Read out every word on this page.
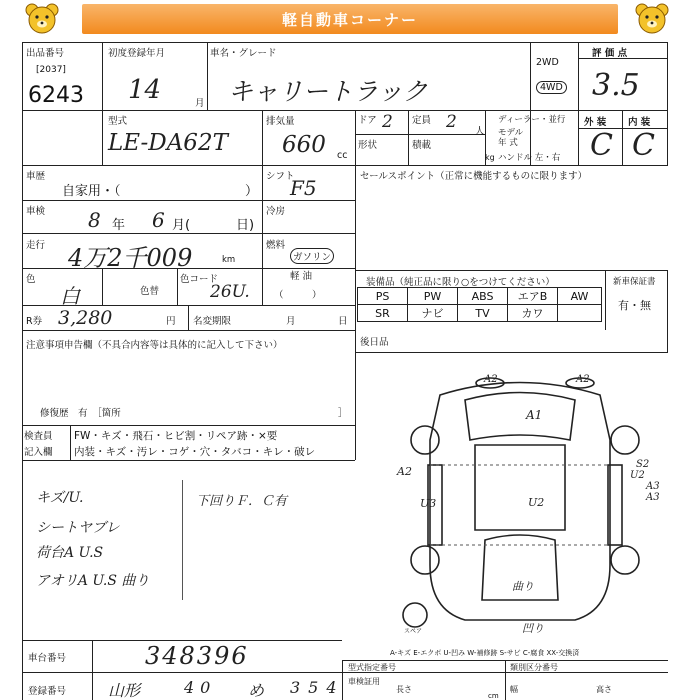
軽自動車コーナー
出品番号
[2037]
6243
初度登録年月
14	月
車名・グレード
キャリートラック
2WD
4WD
評 価 点
3.5
外 装 内 装
C C
型式
LE-DA62T
排気量
660 cc
ドア 2 定員 2 人
形状	積載
kg
ディーラー・並行
モデル
年 式
ハンドル 左・右
車歴
自家用・（	）
シフト
F5
車検 8 年 6 月(	日)
冷房
走行 4万2千009	km
燃料
ガソリン
軽 油
（　　　）
色
白	色替
色コード
26U.
R券 3,280	円 名変期限	月	日
注意事項申告欄（不具合内容等は具体的に記入して下さい）
修復歴　有　［箇所	］
セールスポイント（正常に機能するものに限ります）
装備品（純正品に限り○をつけてください）
PS	PW	ABS	エアB	AW
SR	ナビ	TV	カワ	
新車保証書
有・無
後日品
検査員
記入欄
FW・キズ・飛石・ヒビ割・リペア跡・×要
内装・キズ・汚レ・コゲ・穴・タバコ・キレ・破レ
キズ/U.
シートヤブレ
荷台A U.S
アオリA U.S 曲り
下回りＦ．Ｃ有
A2	A2
A1
A2
S2
U2
A3
U3
U2
A3
曲り
凹り
スペア
A-キズ E-エクボ U-凹み W-補修跡 S-サビ C-腐食 XX-交換済
車台番号	348396
登録番号	山形	40 め 354
型式指定番号	類別区分番号
車検証用
長さ	幅	高さ
cm
